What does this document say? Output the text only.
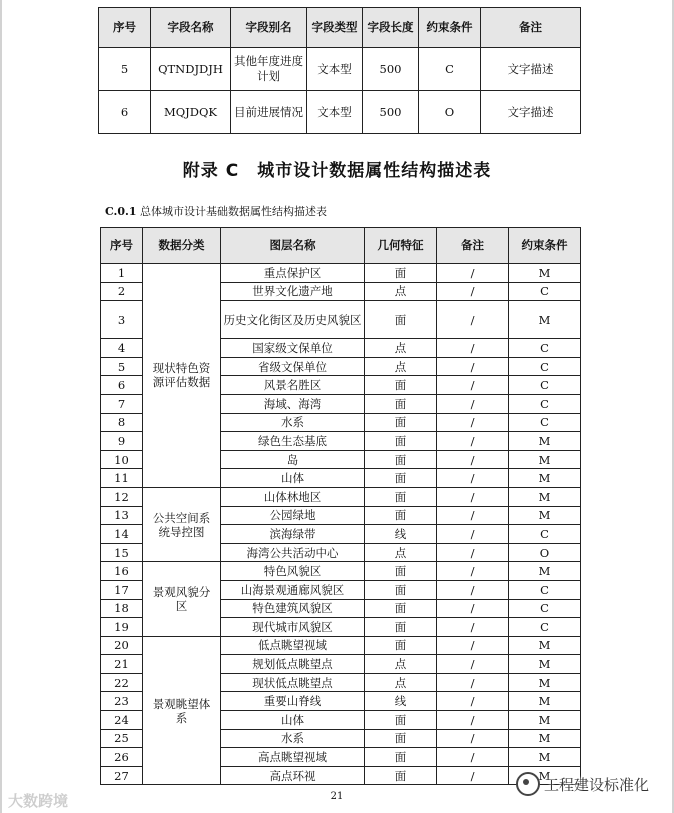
序号	字段名称	字段别名	字段类型	字段长度	约束条件	备注
5	QTNDJDJH	其他年度进度计划	文本型	500	C	文字描述
6	MQJDQK	目前进展情况	文本型	500	O	文字描述
附录 C　城市设计数据属性结构描述表
C.0.1 总体城市设计基础数据属性结构描述表
序号	数据分类	图层名称	几何特征	备注	约束条件
1	现状特色资源评估数据	重点保护区	面	/	M
2		世界文化遗产地	点	/	C
3		历史文化街区及历史风貌区	面	/	M
4		国家级文保单位	点	/	C
5		省级文保单位	点	/	C
6		风景名胜区	面	/	C
7		海域、海湾	面	/	C
8		水系	面	/	C
9		绿色生态基底	面	/	M
10		岛	面	/	M
11		山体	面	/	M
12	公共空间系统导控图	山体林地区	面	/	M
13		公园绿地	面	/	M
14		滨海绿带	线	/	C
15		海湾公共活动中心	点	/	O
16	景观风貌分区	特色风貌区	面	/	M
17		山海景观通廊风貌区	面	/	C
18		特色建筑风貌区	面	/	C
19		现代城市风貌区	面	/	C
20	景观眺望体系	低点眺望视域	面	/	M
21		规划低点眺望点	点	/	M
22		现状低点眺望点	点	/	M
23		重要山脊线	线	/	M
24		山体	面	/	M
25		水系	面	/	M
26		高点眺望视域	面	/	M
27		高点环视	面	/	M
21
大数跨境
工程建设标准化
